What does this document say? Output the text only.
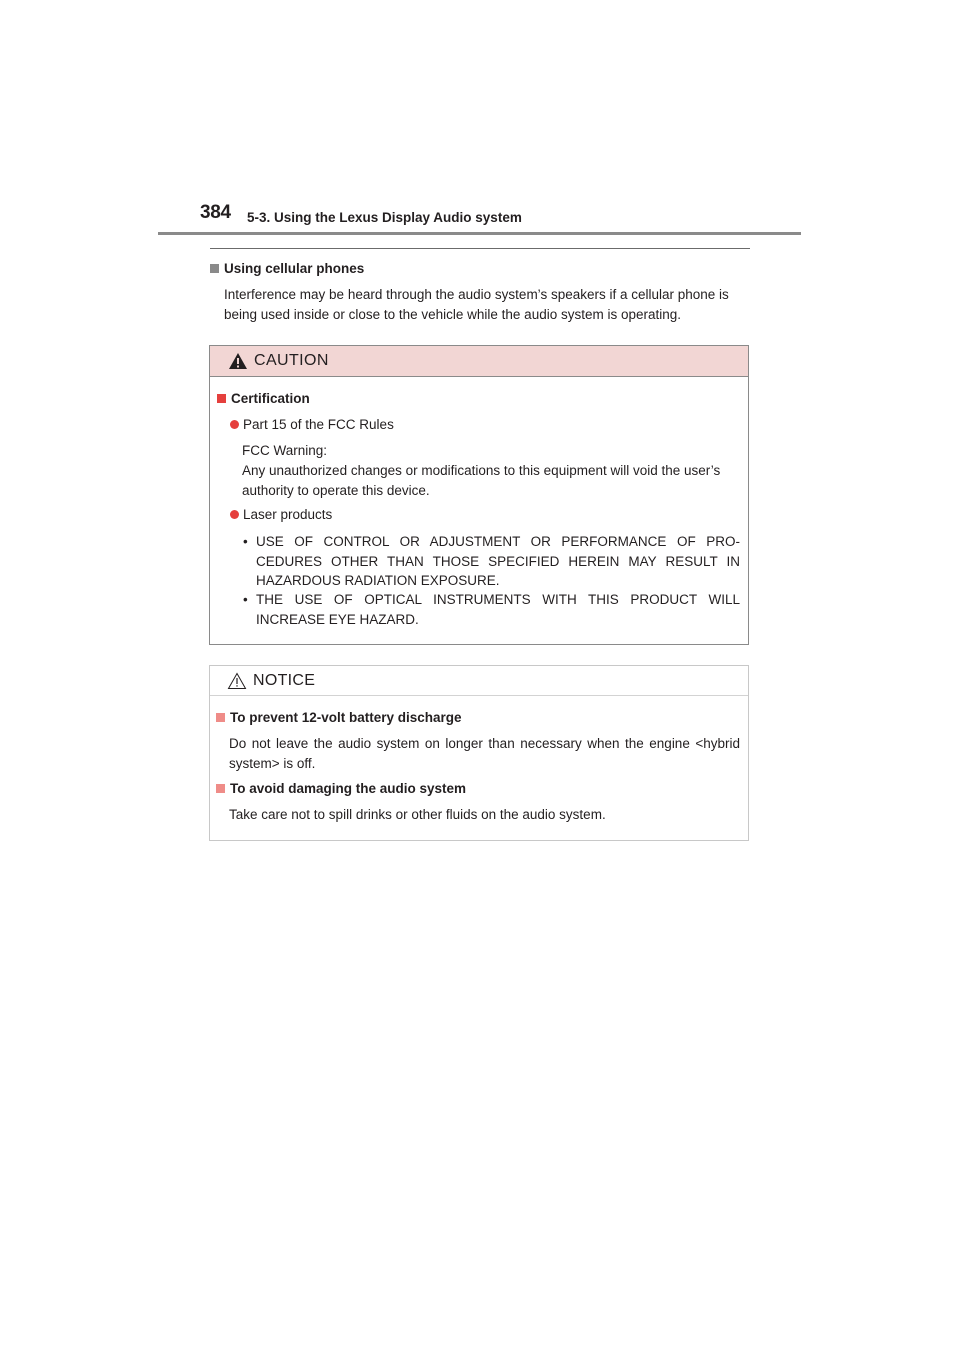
384 5-3. Using the Lexus Display Audio system
Using cellular phones
Interference may be heard through the audio system’s speakers if a cellular phone is being used inside or close to the vehicle while the audio system is operating.
CAUTION
Certification
Part 15 of the FCC Rules
FCC Warning:
Any unauthorized changes or modifications to this equipment will void the user’s authority to operate this device.
Laser products
• USE OF CONTROL OR ADJUSTMENT OR PERFORMANCE OF PROCEDURES OTHER THAN THOSE SPECIFIED HEREIN MAY RESULT IN HAZARDOUS RADIATION EXPOSURE.
• THE USE OF OPTICAL INSTRUMENTS WITH THIS PRODUCT WILL INCREASE EYE HAZARD.
NOTICE
To prevent 12-volt battery discharge
Do not leave the audio system on longer than necessary when the engine <hybrid system> is off.
To avoid damaging the audio system
Take care not to spill drinks or other fluids on the audio system.
